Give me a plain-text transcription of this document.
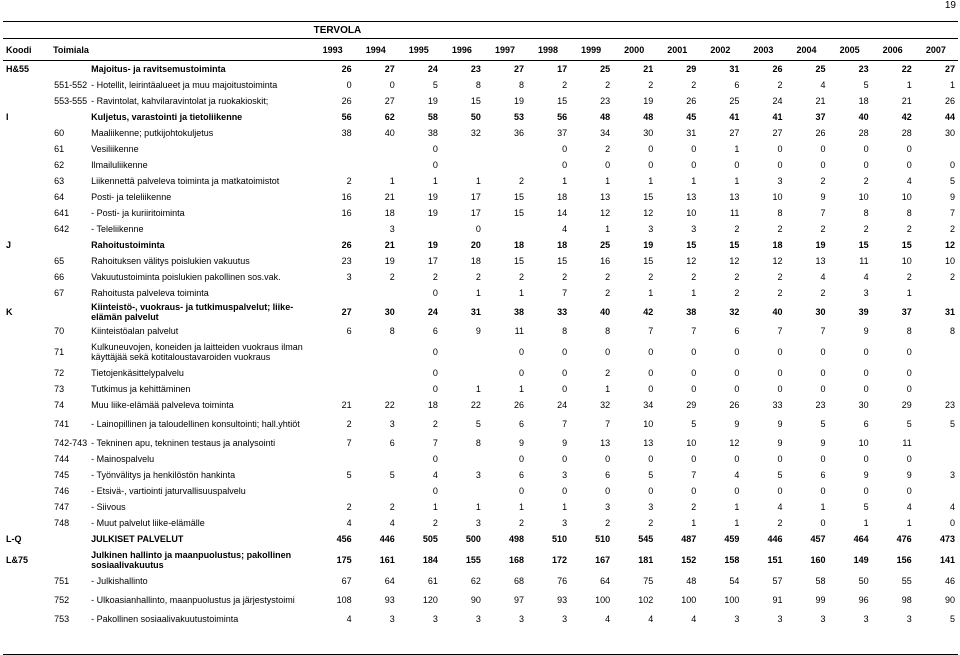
19
			TERVOLA														
Koodi	Toimiala		1993	1994	1995	1996	1997	1998	1999	2000	2001	2002	2003	2004	2005	2006	2007
H&55		Majoitus- ja ravitsemustoiminta	26	27	24	23	27	17	25	21	29	31	26	25	23	22	27
	551-552	- Hotellit, leirintäalueet ja muu majoitustoiminta	0	0	5	8	8	2	2	2	2	6	2	4	5	1	1
	553-555	- Ravintolat, kahvilaravintolat ja ruokakioskit;	26	27	19	15	19	15	23	19	26	25	24	21	18	21	26
I		Kuljetus, varastointi ja tietoliikenne	56	62	58	50	53	56	48	48	45	41	41	37	40	42	44
	60	Maaliikenne; putkijohtokuljetus	38	40	38	32	36	37	34	30	31	27	27	26	28	28	30
	61	Vesiliikenne			0			0	2	0	0	1	0	0	0	0	
	62	Ilmailuliikenne			0			0	0	0	0	0	0	0	0	0	0
	63	Liikennettä palveleva toiminta ja matkatoimistot	2	1	1	1	2	1	1	1	1	1	3	2	2	4	5
	64	Posti- ja teleliikenne	16	21	19	17	15	18	13	15	13	13	10	9	10	10	9
	641	- Posti- ja kuriiritoiminta	16	18	19	17	15	14	12	12	10	11	8	7	8	8	7
	642	- Teleliikenne		3		0		4	1	3	3	2	2	2	2	2	2
J		Rahoitustoiminta	26	21	19	20	18	18	25	19	15	15	18	19	15	15	12
	65	Rahoituksen välitys poislukien vakuutus	23	19	17	18	15	15	16	15	12	12	12	13	11	10	10
	66	Vakuutustoiminta poislukien pakollinen sos.vak.	3	2	2	2	2	2	2	2	2	2	2	4	4	2	2
	67	Rahoitusta palveleva toiminta			0	1	1	7	2	1	1	2	2	2	3	1	
K		Kiinteistö-, vuokraus- ja tutkimuspalvelut; liike-elämän palvelut	27	30	24	31	38	33	40	42	38	32	40	30	39	37	31
	70	Kiinteistöalan palvelut	6	8	6	9	11	8	8	7	7	6	7	7	9	8	8
	71	Kulkuneuvojen, koneiden ja laitteiden vuokraus ilman käyttäjää sekä kotitaloustavaroiden vuokraus			0		0	0	0	0	0	0	0	0	0	0	
	72	Tietojenkäsittelypalvelu			0		0	0	2	0	0	0	0	0	0	0	
	73	Tutkimus ja kehittäminen			0	1	1	0	1	0	0	0	0	0	0	0	
	74	Muu liike-elämää palveleva toiminta	21	22	18	22	26	24	32	34	29	26	33	23	30	29	23
	741	- Lainopillinen ja taloudellinen konsultointi; hall.yhtiöt	2	3	2	5	6	7	7	10	5	9	9	5	6	5	5
	742-743	- Tekninen apu, tekninen testaus ja analysointi	7	6	7	8	9	9	13	13	10	12	9	9	10	11	
	744	- Mainospalvelu			0		0	0	0	0	0	0	0	0	0	0	
	745	- Työnvälitys ja henkilöstön hankinta	5	5	4	3	6	3	6	5	7	4	5	6	9	9	3
	746	- Etsivä-, vartiointi jaturvallisuuspalvelu			0		0	0	0	0	0	0	0	0	0	0	
	747	- Siivous	2	2	1	1	1	1	3	3	2	1	4	1	5	4	4
	748	- Muut palvelut liike-elämälle	4	4	2	3	2	3	2	2	1	1	2	0	1	1	0
L-Q		JULKISET PALVELUT	456	446	505	500	498	510	510	545	487	459	446	457	464	476	473
L&75		Julkinen hallinto ja maanpuolustus; pakollinen sosiaalivakuutus	175	161	184	155	168	172	167	181	152	158	151	160	149	156	141
	751	- Julkishallinto	67	64	61	62	68	76	64	75	48	54	57	58	50	55	46
	752	- Ulkoasianhallinto, maanpuolustus ja järjestystoimi	108	93	120	90	97	93	100	102	100	100	91	99	96	98	90
	753	- Pakollinen sosiaalivakuutustoiminta	4	3	3	3	3	3	4	4	4	3	3	3	3	3	5
